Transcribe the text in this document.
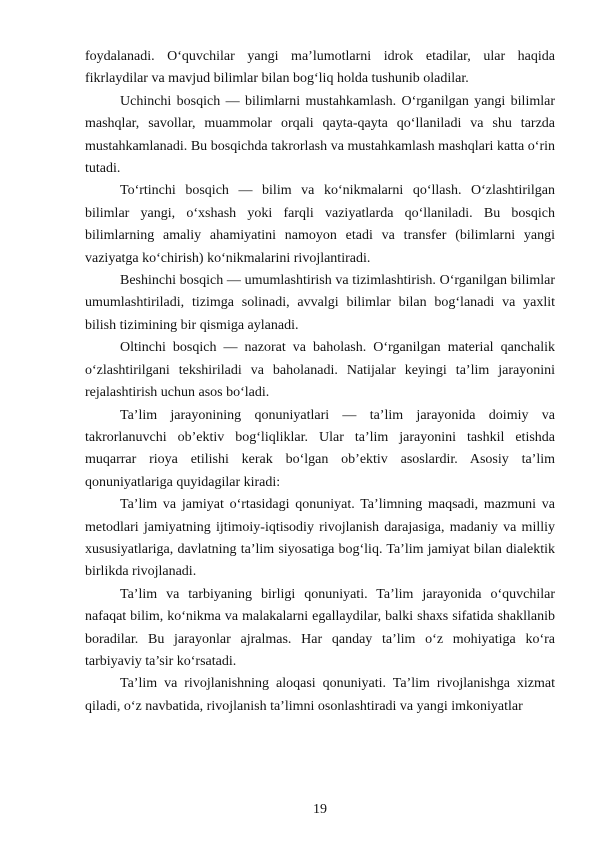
foydalanadi. O‘quvchilar yangi ma’lumotlarni idrok etadilar, ular haqida fikrlaydilar va mavjud bilimlar bilan bog‘liq holda tushunib oladilar.

Uchinchi bosqich — bilimlarni mustahkamlash. O‘rganilgan yangi bilimlar mashqlar, savollar, muammolar orqali qayta-qayta qo‘llaniladi va shu tarzda mustahkamlanadi. Bu bosqichda takrorlash va mustahkamlash mashqlari katta o‘rin tutadi.

To‘rtinchi bosqich — bilim va ko‘nikmalarni qo‘llash. O‘zlashtirilgan bilimlar yangi, o‘xshash yoki farqli vaziyatlarda qo‘llaniladi. Bu bosqich bilimlarning amaliy ahamiyatini namoyon etadi va transfer (bilimlarni yangi vaziyatga ko‘chirish) ko‘nikmalarini rivojlantiradi.

Beshinchi bosqich — umumlashtirish va tizimlashtirish. O‘rganilgan bilimlar umumlashtiriladi, tizimga solinadi, avvalgi bilimlar bilan bog‘lanadi va yaxlit bilish tizimining bir qismiga aylanadi.

Oltinchi bosqich — nazorat va baholash. O‘rganilgan material qanchalik o‘zlashtirilgani tekshiriladi va baholanadi. Natijalar keyingi ta’lim jarayonini rejalashtirish uchun asos bo‘ladi.

Ta’lim jarayonining qonuniyatlari — ta’lim jarayonida doimiy va takrorlanuvchi ob’ektiv bog‘liqliklar. Ular ta’lim jarayonini tashkil etishda muqarrar rioya etilishi kerak bo‘lgan ob’ektiv asoslardir. Asosiy ta’lim qonuniyatlariga quyidagilar kiradi:

Ta’lim va jamiyat o‘rtasidagi qonuniyat. Ta’limning maqsadi, mazmuni va metodlari jamiyatning ijtimoiy-iqtisodiy rivojlanish darajasiga, madaniy va milliy xususiyatlariga, davlatning ta’lim siyosatiga bog‘liq. Ta’lim jamiyat bilan dialektik birlikda rivojlanadi.

Ta’lim va tarbiyaning birligi qonuniyati. Ta’lim jarayonida o‘quvchilar nafaqat bilim, ko‘nikma va malakalarni egallaydilar, balki shaxs sifatida shakllanib boradilar. Bu jarayonlar ajralmas. Har qanday ta’lim o‘z mohiyatiga ko‘ra tarbiyaviy ta’sir ko‘rsatadi.

Ta’lim va rivojlanishning aloqasi qonuniyati. Ta’lim rivojlanishga xizmat qiladi, o‘z navbatida, rivojlanish ta’limni osonlashtiradi va yangi imkoniyatlar

19
